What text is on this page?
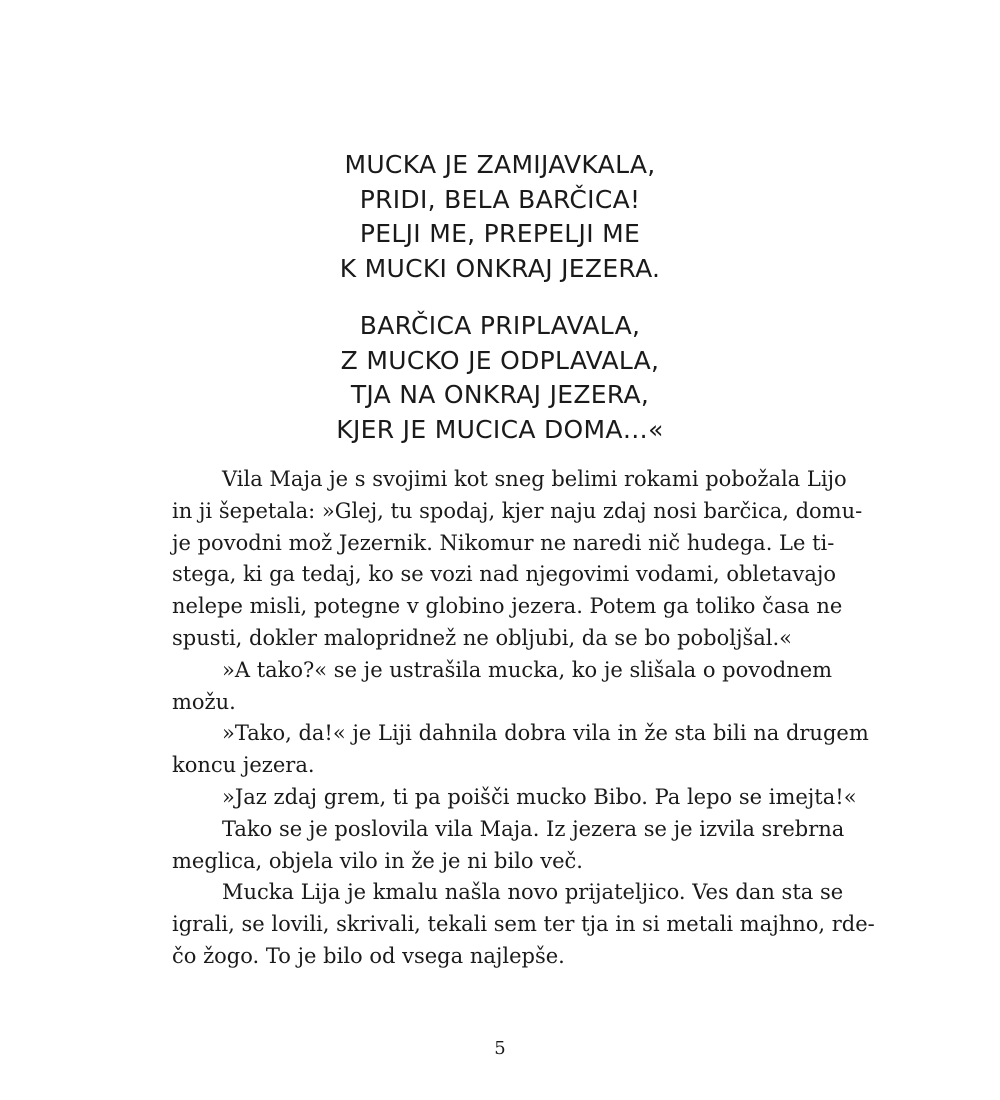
MUCKA JE ZAMIJAVKALA,
PRIDI, BELA BARČICA!
PELJI ME, PREPELJI ME
K MUCKI ONKRAJ JEZERA.
BARČICA PRIPLAVALA,
Z MUCKO JE ODPLAVALA,
TJA NA ONKRAJ JEZERA,
KJER JE MUCICA DOMA…«

Vila Maja je s svojimi kot sneg belimi rokami pobožala Lijo
in ji šepetala: »Glej, tu spodaj, kjer naju zdaj nosi barčica, domu-
je povodni mož Jezernik. Nikomur ne naredi nič hudega. Le ti-
stega, ki ga tedaj, ko se vozi nad njegovimi vodami, obletavajo
nelepe misli, potegne v globino jezera. Potem ga toliko časa ne
spusti, dokler malopridnež ne obljubi, da se bo poboljšal.«

»A tako?« se je ustrašila mucka, ko je slišala o povodnem
možu.

»Tako, da!« je Liji dahnila dobra vila in že sta bili na drugem
koncu jezera.

»Jaz zdaj grem, ti pa poišči mucko Bibo. Pa lepo se imejta!«

Tako se je poslovila vila Maja. Iz jezera se je izvila srebrna
meglica, objela vilo in že je ni bilo več.

Mucka Lija je kmalu našla novo prijateljico. Ves dan sta se
igrali, se lovili, skrivali, tekali sem ter tja in si metali majhno, rde-
čo žogo. To je bilo od vsega najlepše.

5
